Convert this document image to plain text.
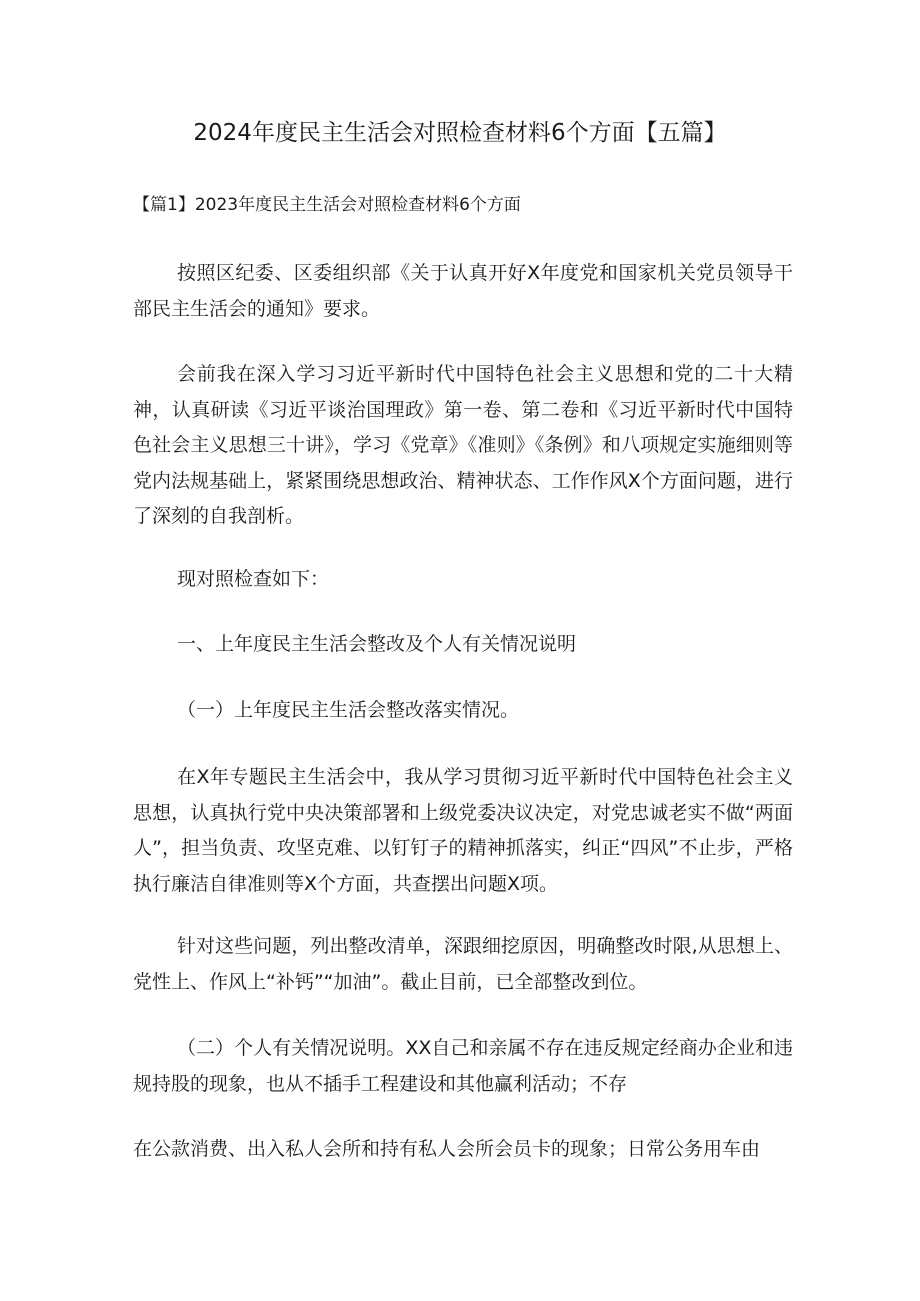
2024年度民主生活会对照检查材料6个方面【五篇】
【篇1】2023年度民主生活会对照检查材料6个方面

按照区纪委、区委组织部《关于认真开好X年度党和国家机关党员领导干部民主生活会的通知》要求。

会前我在深入学习习近平新时代中国特色社会主义思想和党的二十大精神，认真研读《习近平谈治国理政》第一卷、第二卷和《习近平新时代中国特色社会主义思想三十讲》，学习《党章》《准则》《条例》和八项规定实施细则等党内法规基础上，紧紧围绕思想政治、精神状态、工作作风X个方面问题，进行了深刻的自我剖析。

现对照检查如下：

一、上年度民主生活会整改及个人有关情况说明

（一）上年度民主生活会整改落实情况。

在X年专题民主生活会中，我从学习贯彻习近平新时代中国特色社会主义思想，认真执行党中央决策部署和上级党委决议决定，对党忠诚老实不做“两面人”，担当负责、攻坚克难、以钉钉子的精神抓落实，纠正“四风”不止步，严格执行廉洁自律准则等X个方面，共查摆出问题X项。

针对这些问题，列出整改清单，深跟细挖原因，明确整改时限,从思想上、党性上、作风上“补钙”“加油”。截止目前，已全部整改到位。

（二）个人有关情况说明。XX自己和亲属不存在违反规定经商办企业和违规持股的现象，也从不插手工程建设和其他赢利活动；不存

在公款消费、出入私人会所和持有私人会所会员卡的现象；日常公务用车由
